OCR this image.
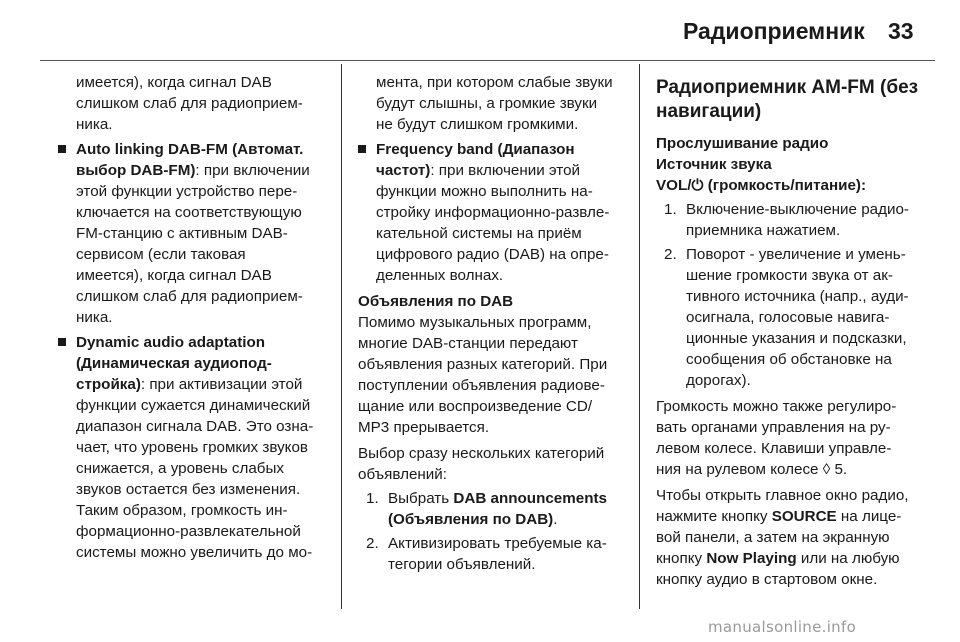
Радиоприемник 33

имеется), когда сигнал DAB

слишком слаб для радиоприем-

ника.

Auto linking DAB-FM (Автомат.

выбор DAB-FM): при включении

этой функции устройство пере-

ключается на соответствующую

FM-станцию с активным DAB-

сервисом (если таковая

имеется), когда сигнал DAB

слишком слаб для радиоприем-

ника.

Dynamic audio adaptation

(Динамическая аудиопод-

стройка): при активизации этой

функции сужается динамический

диапазон сигнала DAB. Это озна-

чает, что уровень громких звуков

снижается, а уровень слабых

звуков остается без изменения.

Таким образом, громкость ин-

формационно-развлекательной

системы можно увеличить до мо-

мента, при котором слабые звуки

будут слышны, а громкие звуки

не будут слишком громкими.

Frequency band (Диапазон

частот): при включении этой

функции можно выполнить на-

стройку информационно-развле-

кательной системы на приём

цифрового радио (DAB) на опре-

деленных волнах.

Объявления по DAB

Помимо музыкальных программ,

многие DAB-станции передают

объявления разных категорий. При

поступлении объявления радиове-

щание или воспроизведение CD/

MP3 прерывается.

Выбор сразу нескольких категорий

объявлений:

1. Выбрать DAB announcements

(Объявления по DAB).

2. Активизировать требуемые ка-

тегории объявлений.

Радиоприемник AM-FM (без

навигации)

Прослушивание радио

Источник звука

VOL/⏻ (громкость/питание):

1. Включение-выключение радио-

приемника нажатием.

2. Поворот - увеличение и умень-

шение громкости звука от ак-

тивного источника (напр., ауди-

осигнала, голосовые навига-

ционные указания и подсказки,

сообщения об обстановке на

дорогах).

Громкость можно также регулиро-

вать органами управления на ру-

левом колесе. Клавиши управле-

ния на рулевом колесе ◊ 5.

Чтобы открыть главное окно радио,

нажмите кнопку SOURCE на лице-

вой панели, а затем на экранную

кнопку Now Playing или на любую

кнопку аудио в стартовом окне.

manualsonline.info
